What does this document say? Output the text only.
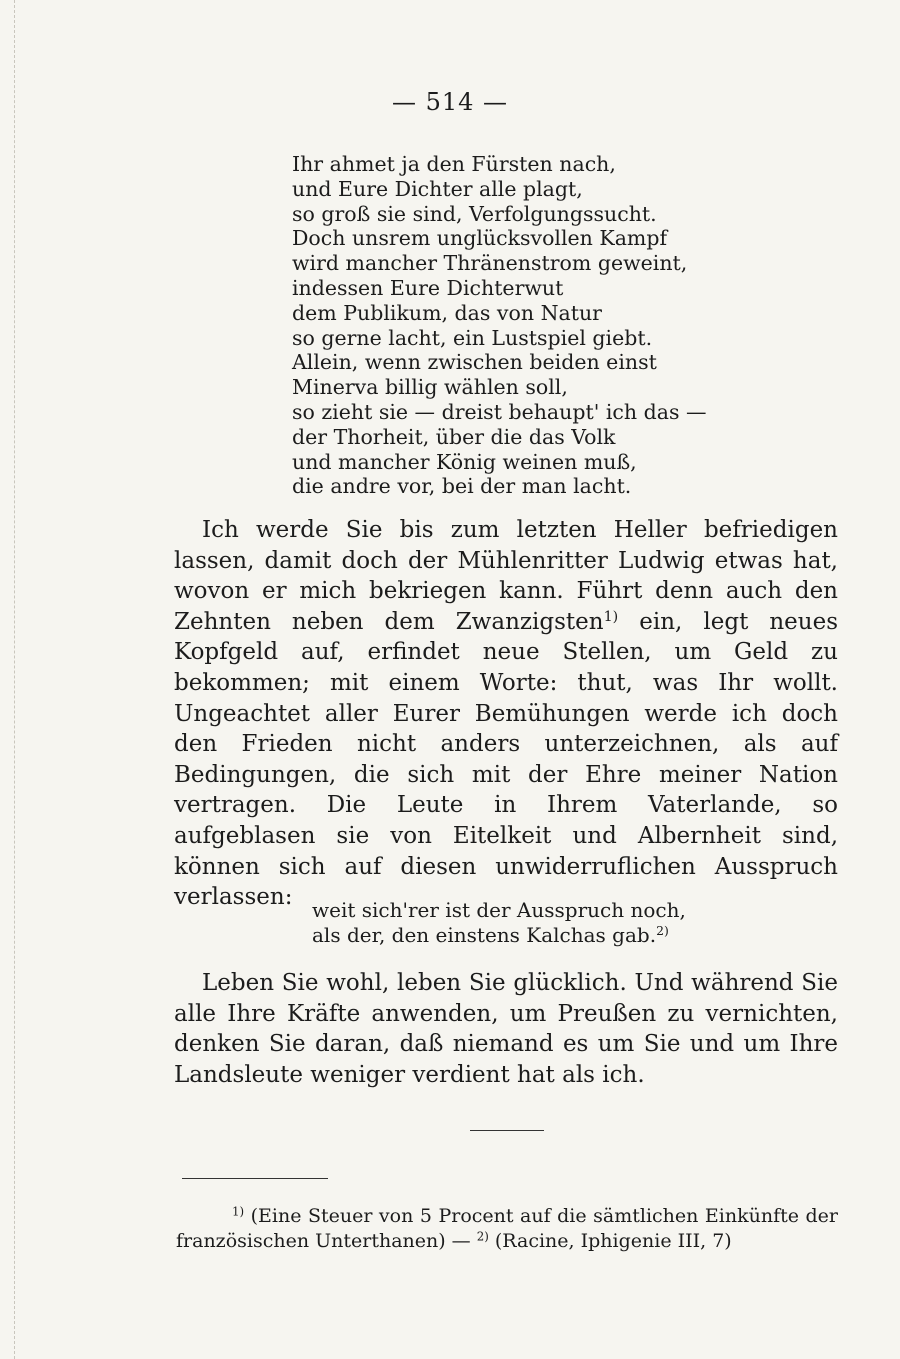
— 514 —
Ihr ahmet ja den Fürsten nach,
und Eure Dichter alle plagt,
so groß sie sind, Verfolgungssucht.
Doch unsrem unglücksvollen Kampf
wird mancher Thränenstrom geweint,
indessen Eure Dichterwut
dem Publikum, das von Natur
so gerne lacht, ein Lustspiel giebt.
Allein, wenn zwischen beiden einst
Minerva billig wählen soll,
so zieht sie — dreist behaupt' ich das —
der Thorheit, über die das Volk
und mancher König weinen muß,
die andre vor, bei der man lacht.

Ich werde Sie bis zum letzten Heller befriedigen lassen, damit doch der Mühlenritter Ludwig etwas hat, wovon er mich bekriegen kann. Führt denn auch den Zehnten neben dem Zwanzigsten$^{1)}$ ein, legt neues Kopfgeld auf, erfindet neue Stellen, um Geld zu bekommen; mit einem Worte: thut, was Ihr wollt. Ungeachtet aller Eurer Bemühungen werde ich doch den Frieden nicht anders unterzeichnen, als auf Bedingungen, die sich mit der Ehre meiner Nation vertragen. Die Leute in Ihrem Vaterlande, so aufgeblasen sie von Eitelkeit und Albernheit sind, können sich auf diesen unwiderruflichen Ausspruch verlassen: weit sich'rer ist der Ausspruch noch,
als der, den einstens Kalchas gab.$^{2)}$

Leben Sie wohl, leben Sie glücklich. Und während Sie alle Ihre Kräfte anwenden, um Preußen zu vernichten, denken Sie daran, daß niemand es um Sie und um Ihre Landsleute weniger verdient hat als ich.

$^{1)}$ (Eine Steuer von 5 Procent auf die sämtlichen Einkünfte der französischen Unterthanen) — $^{2)}$ (Racine, Iphigenie III, 7)
